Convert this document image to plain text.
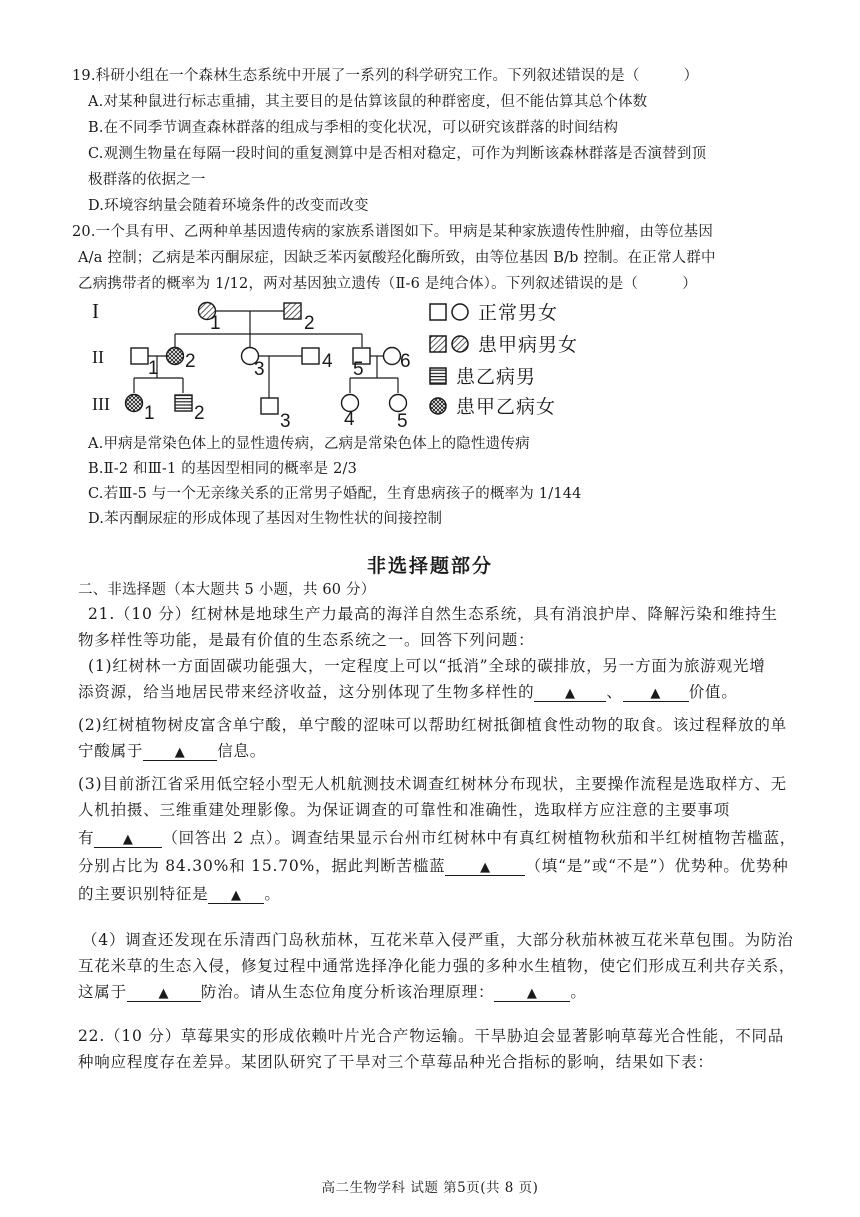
19.科研小组在一个森林生态系统中开展了一系列的科学研究工作。下列叙述错误的是（　　　）
A.对某种鼠进行标志重捕，其主要目的是估算该鼠的种群密度，但不能估算其总个体数
B.在不同季节调查森林群落的组成与季相的变化状况，可以研究该群落的时间结构
C.观测生物量在每隔一段时间的重复测算中是否相对稳定，可作为判断该森林群落是否演替到顶
极群落的依据之一
D.环境容纳量会随着环境条件的改变而改变
20.一个具有甲、乙两种单基因遗传病的家族系谱图如下。甲病是某种家族遗传性肿瘤，由等位基因
A/a 控制；乙病是苯丙酮尿症，因缺乏苯丙氨酸羟化酶所致，由等位基因 B/b 控制。在正常人群中
乙病携带者的概率为 1/12，两对基因独立遗传（Ⅱ-6 是纯合体）。下列叙述错误的是（　　　）
I
II
III
1	2
1 2	3	4 5 6
1 2	3	4 5
正常男女
患甲病男女
患乙病男
患甲乙病女
A.甲病是常染色体上的显性遗传病，乙病是常染色体上的隐性遗传病
B.Ⅱ-2 和Ⅲ-1 的基因型相同的概率是 2/3
C.若Ⅲ-5 与一个无亲缘关系的正常男子婚配，生育患病孩子的概率为 1/144
D.苯丙酮尿症的形成体现了基因对生物性状的间接控制
非选择题部分
二、非选择题（本大题共 5 小题，共 60 分）
21.（10 分）红树林是地球生产力最高的海洋自然生态系统，具有消浪护岸、降解污染和维持生
物多样性等功能，是最有价值的生态系统之一。回答下列问题：
(1)红树林一方面固碳功能强大，一定程度上可以“抵消”全球的碳排放，另一方面为旅游观光增
添资源，给当地居民带来经济收益，这分别体现了生物多样性的 ▲ 、 ▲ 价值。
(2)红树植物树皮富含单宁酸，单宁酸的涩味可以帮助红树抵御植食性动物的取食。该过程释放的单
宁酸属于 ▲ 信息。
(3)目前浙江省采用低空轻小型无人机航测技术调查红树林分布现状，主要操作流程是选取样方、无
人机拍摄、三维重建处理影像。为保证调查的可靠性和准确性，选取样方应注意的主要事项
有 ▲ （回答出 2 点）。调查结果显示台州市红树林中有真红树植物秋茄和半红树植物苦槛蓝，
分别占比为 84.30%和 15.70%，据此判断苦槛蓝	▲ （填“是”或“不是”）优势种。优势种
的主要识别特征是 ▲ 。
（4）调查还发现在乐清西门岛秋茄林，互花米草入侵严重，大部分秋茄林被互花米草包围。为防治
互花米草的生态入侵，修复过程中通常选择净化能力强的多种水生植物，使它们形成互利共存关系，
这属于 ▲ 防治。请从生态位角度分析该治理原理：	▲ 。
22.（10 分）草莓果实的形成依赖叶片光合产物运输。干旱胁迫会显著影响草莓光合性能，不同品
种响应程度存在差异。某团队研究了干旱对三个草莓品种光合指标的影响，结果如下表：
高二生物学科 试题 第5页(共 8 页)
